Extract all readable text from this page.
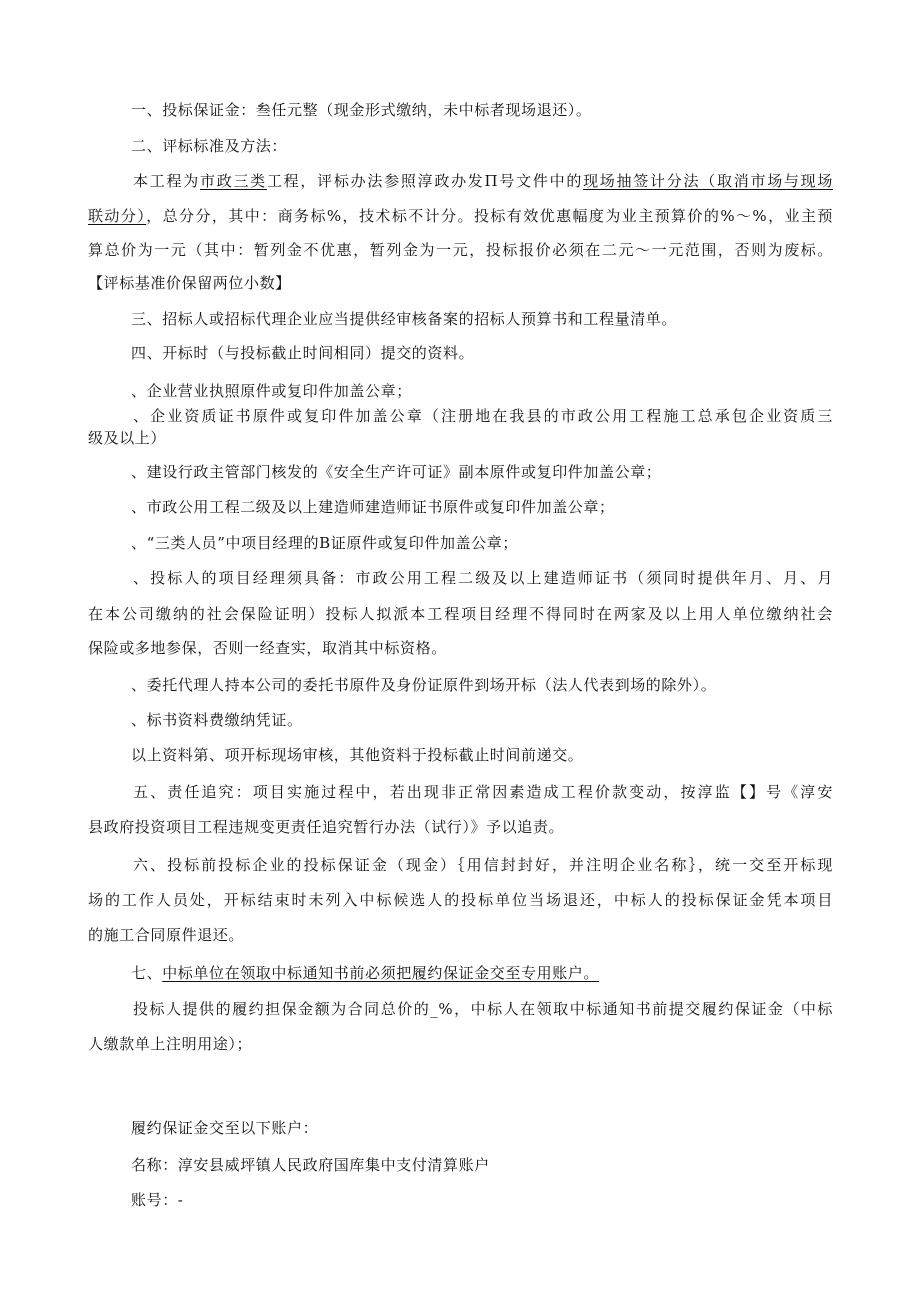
一、投标保证金：叁任元整（现金形式缴纳，未中标者现场退还）。

二、评标标准及方法：

本工程为市政三类工程，评标办法参照淳政办发Π号文件中的现场抽签计分法（取消市场与现场

联动分），总分分，其中：商务标%，技术标不计分。投标有效优惠幅度为业主预算价的%～%，业主预

算总价为一元（其中：暂列金不优惠，暂列金为一元，投标报价必须在二元～一元范围，否则为废标。

【评标基准价保留两位小数】

三、招标人或招标代理企业应当提供经审核备案的招标人预算书和工程量清单。

四、开标时（与投标截止时间相同）提交的资料。

、企业营业执照原件或复印件加盖公章；

、企业资质证书原件或复印件加盖公章（注册地在我县的市政公用工程施工总承包企业资质三

级及以上）

、建设行政主管部门核发的《安全生产许可证》副本原件或复印件加盖公章；

、市政公用工程二级及以上建造师建造师证书原件或复印件加盖公章；

、“三类人员”中项目经理的B证原件或复印件加盖公章；

、投标人的项目经理须具备：市政公用工程二级及以上建造师证书（须同时提供年月、月、月

在本公司缴纳的社会保险证明）投标人拟派本工程项目经理不得同时在两家及以上用人单位缴纳社会

保险或多地参保，否则一经查实，取消其中标资格。

、委托代理人持本公司的委托书原件及身份证原件到场开标（法人代表到场的除外）。

、标书资料费缴纳凭证。

以上资料第、项开标现场审核，其他资料于投标截止时间前递交。

五、责任追究：项目实施过程中，若出现非正常因素造成工程价款变动，按淳监【】号《淳安

县政府投资项目工程违规变更责任追究暂行办法（试行）》予以追责。

六、投标前投标企业的投标保证金（现金）｛用信封封好，并注明企业名称｝，统一交至开标现

场的工作人员处，开标结束时未列入中标候选人的投标单位当场退还，中标人的投标保证金凭本项目

的施工合同原件退还。

七、中标单位在领取中标通知书前必须把履约保证金交至专用账户。

投标人提供的履约担保金额为合同总价的_%，中标人在领取中标通知书前提交履约保证金（中标

人缴款单上注明用途）；

履约保证金交至以下账户：

名称：淳安县威坪镇人民政府国库集中支付清算账户

账号：-
